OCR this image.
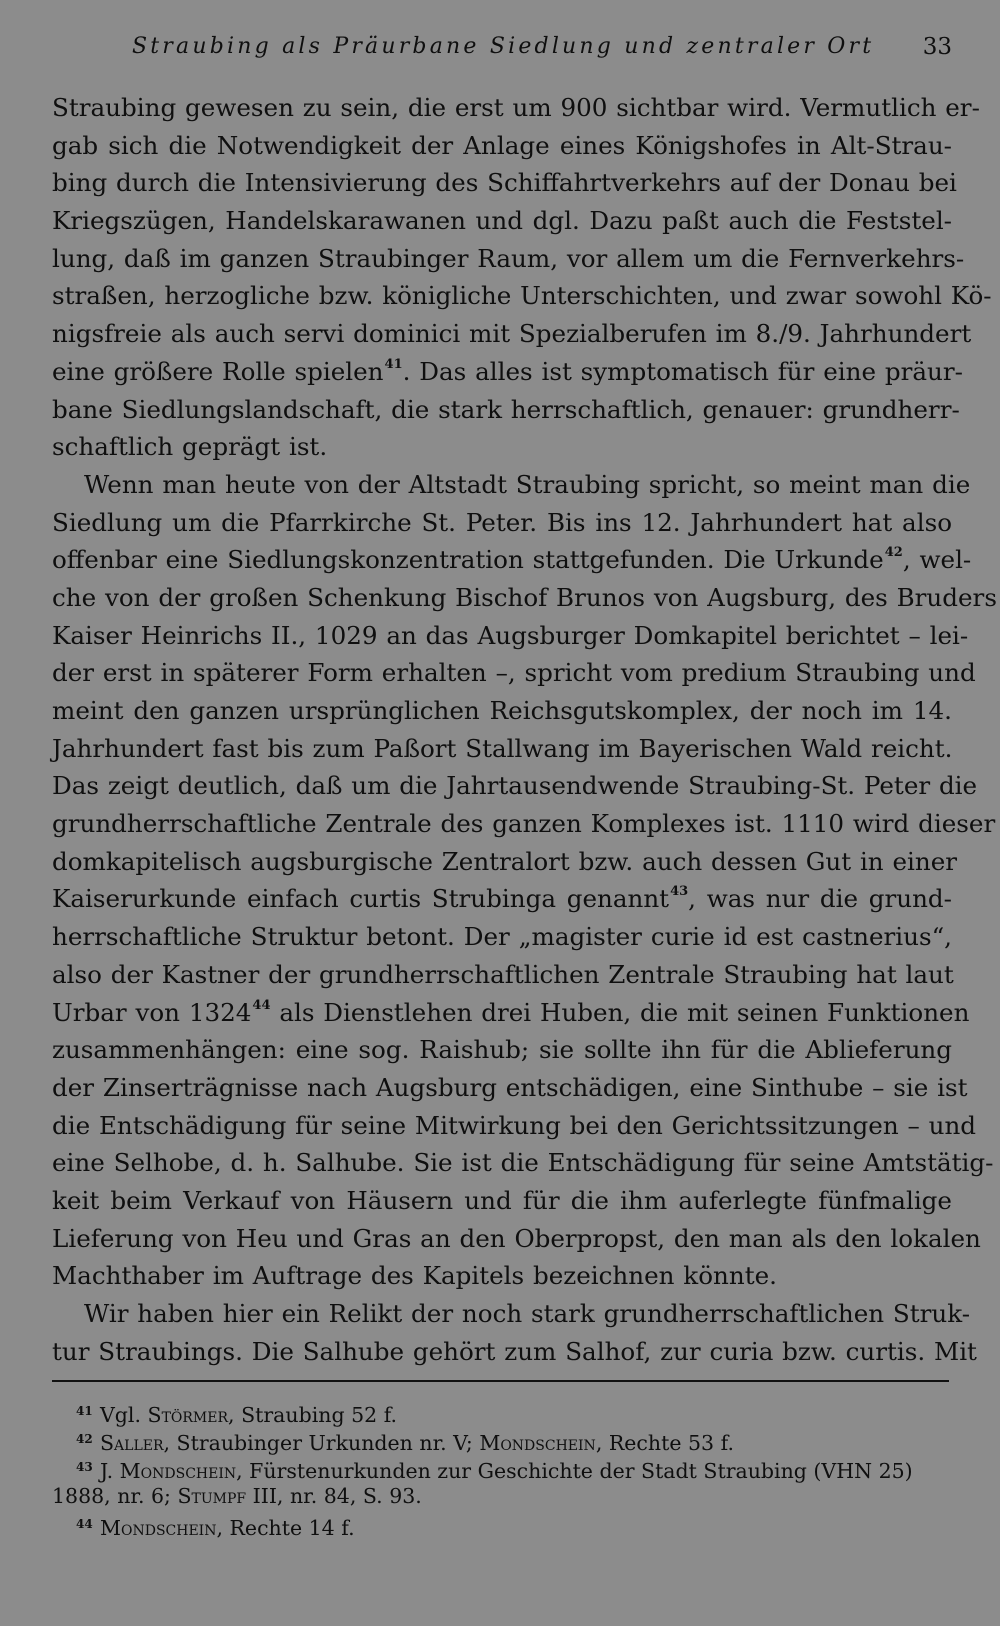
Straubing als Präurbane Siedlung und zentraler Ort 33
Straubing gewesen zu sein, die erst um 900 sichtbar wird. Vermutlich er-
gab sich die Notwendigkeit der Anlage eines Königshofes in Alt-Strau-
bing durch die Intensivierung des Schiffahrtverkehrs auf der Donau bei
Kriegszügen, Handelskarawanen und dgl. Dazu paßt auch die Feststel-
lung, daß im ganzen Straubinger Raum, vor allem um die Fernverkehrs-
straßen, herzogliche bzw. königliche Unterschichten, und zwar sowohl Kö-
nigsfreie als auch servi dominici mit Spezialberufen im 8./9. Jahrhundert
eine größere Rolle spielen$^{41}$. Das alles ist symptomatisch für eine präur-
bane Siedlungslandschaft, die stark herrschaftlich, genauer: grundherr-
schaftlich geprägt ist.
Wenn man heute von der Altstadt Straubing spricht, so meint man die
Siedlung um die Pfarrkirche St. Peter. Bis ins 12. Jahrhundert hat also
offenbar eine Siedlungskonzentration stattgefunden. Die Urkunde$^{42}$, wel-
che von der großen Schenkung Bischof Brunos von Augsburg, des Bruders
Kaiser Heinrichs II., 1029 an das Augsburger Domkapitel berichtet – lei-
der erst in späterer Form erhalten –, spricht vom predium Straubing und
meint den ganzen ursprünglichen Reichsgutskomplex, der noch im 14.
Jahrhundert fast bis zum Paßort Stallwang im Bayerischen Wald reicht.
Das zeigt deutlich, daß um die Jahrtausendwende Straubing-St. Peter die
grundherrschaftliche Zentrale des ganzen Komplexes ist. 1110 wird dieser
domkapitelisch augsburgische Zentralort bzw. auch dessen Gut in einer
Kaiserurkunde einfach curtis Strubinga genannt$^{43}$, was nur die grund-
herrschaftliche Struktur betont. Der „magister curie id est castnerius“,
also der Kastner der grundherrschaftlichen Zentrale Straubing hat laut
Urbar von 1324$^{44}$ als Dienstlehen drei Huben, die mit seinen Funktionen
zusammenhängen: eine sog. Raishub; sie sollte ihn für die Ablieferung
der Zinserträgnisse nach Augsburg entschädigen, eine Sinthube – sie ist
die Entschädigung für seine Mitwirkung bei den Gerichtssitzungen – und
eine Selhobe, d. h. Salhube. Sie ist die Entschädigung für seine Amtstätig-
keit beim Verkauf von Häusern und für die ihm auferlegte fünfmalige
Lieferung von Heu und Gras an den Oberpropst, den man als den lokalen
Machthaber im Auftrage des Kapitels bezeichnen könnte.
Wir haben hier ein Relikt der noch stark grundherrschaftlichen Struk-
tur Straubings. Die Salhube gehört zum Salhof, zur curia bzw. curtis. Mit
41 Vgl. Störmer, Straubing 52 f.
42 Saller, Straubinger Urkunden nr. V; Mondschein, Rechte 53 f.
43 J. Mondschein, Fürstenurkunden zur Geschichte der Stadt Straubing (VHN 25)
1888, nr. 6; Stumpf III, nr. 84, S. 93.
44 Mondschein, Rechte 14 f.
